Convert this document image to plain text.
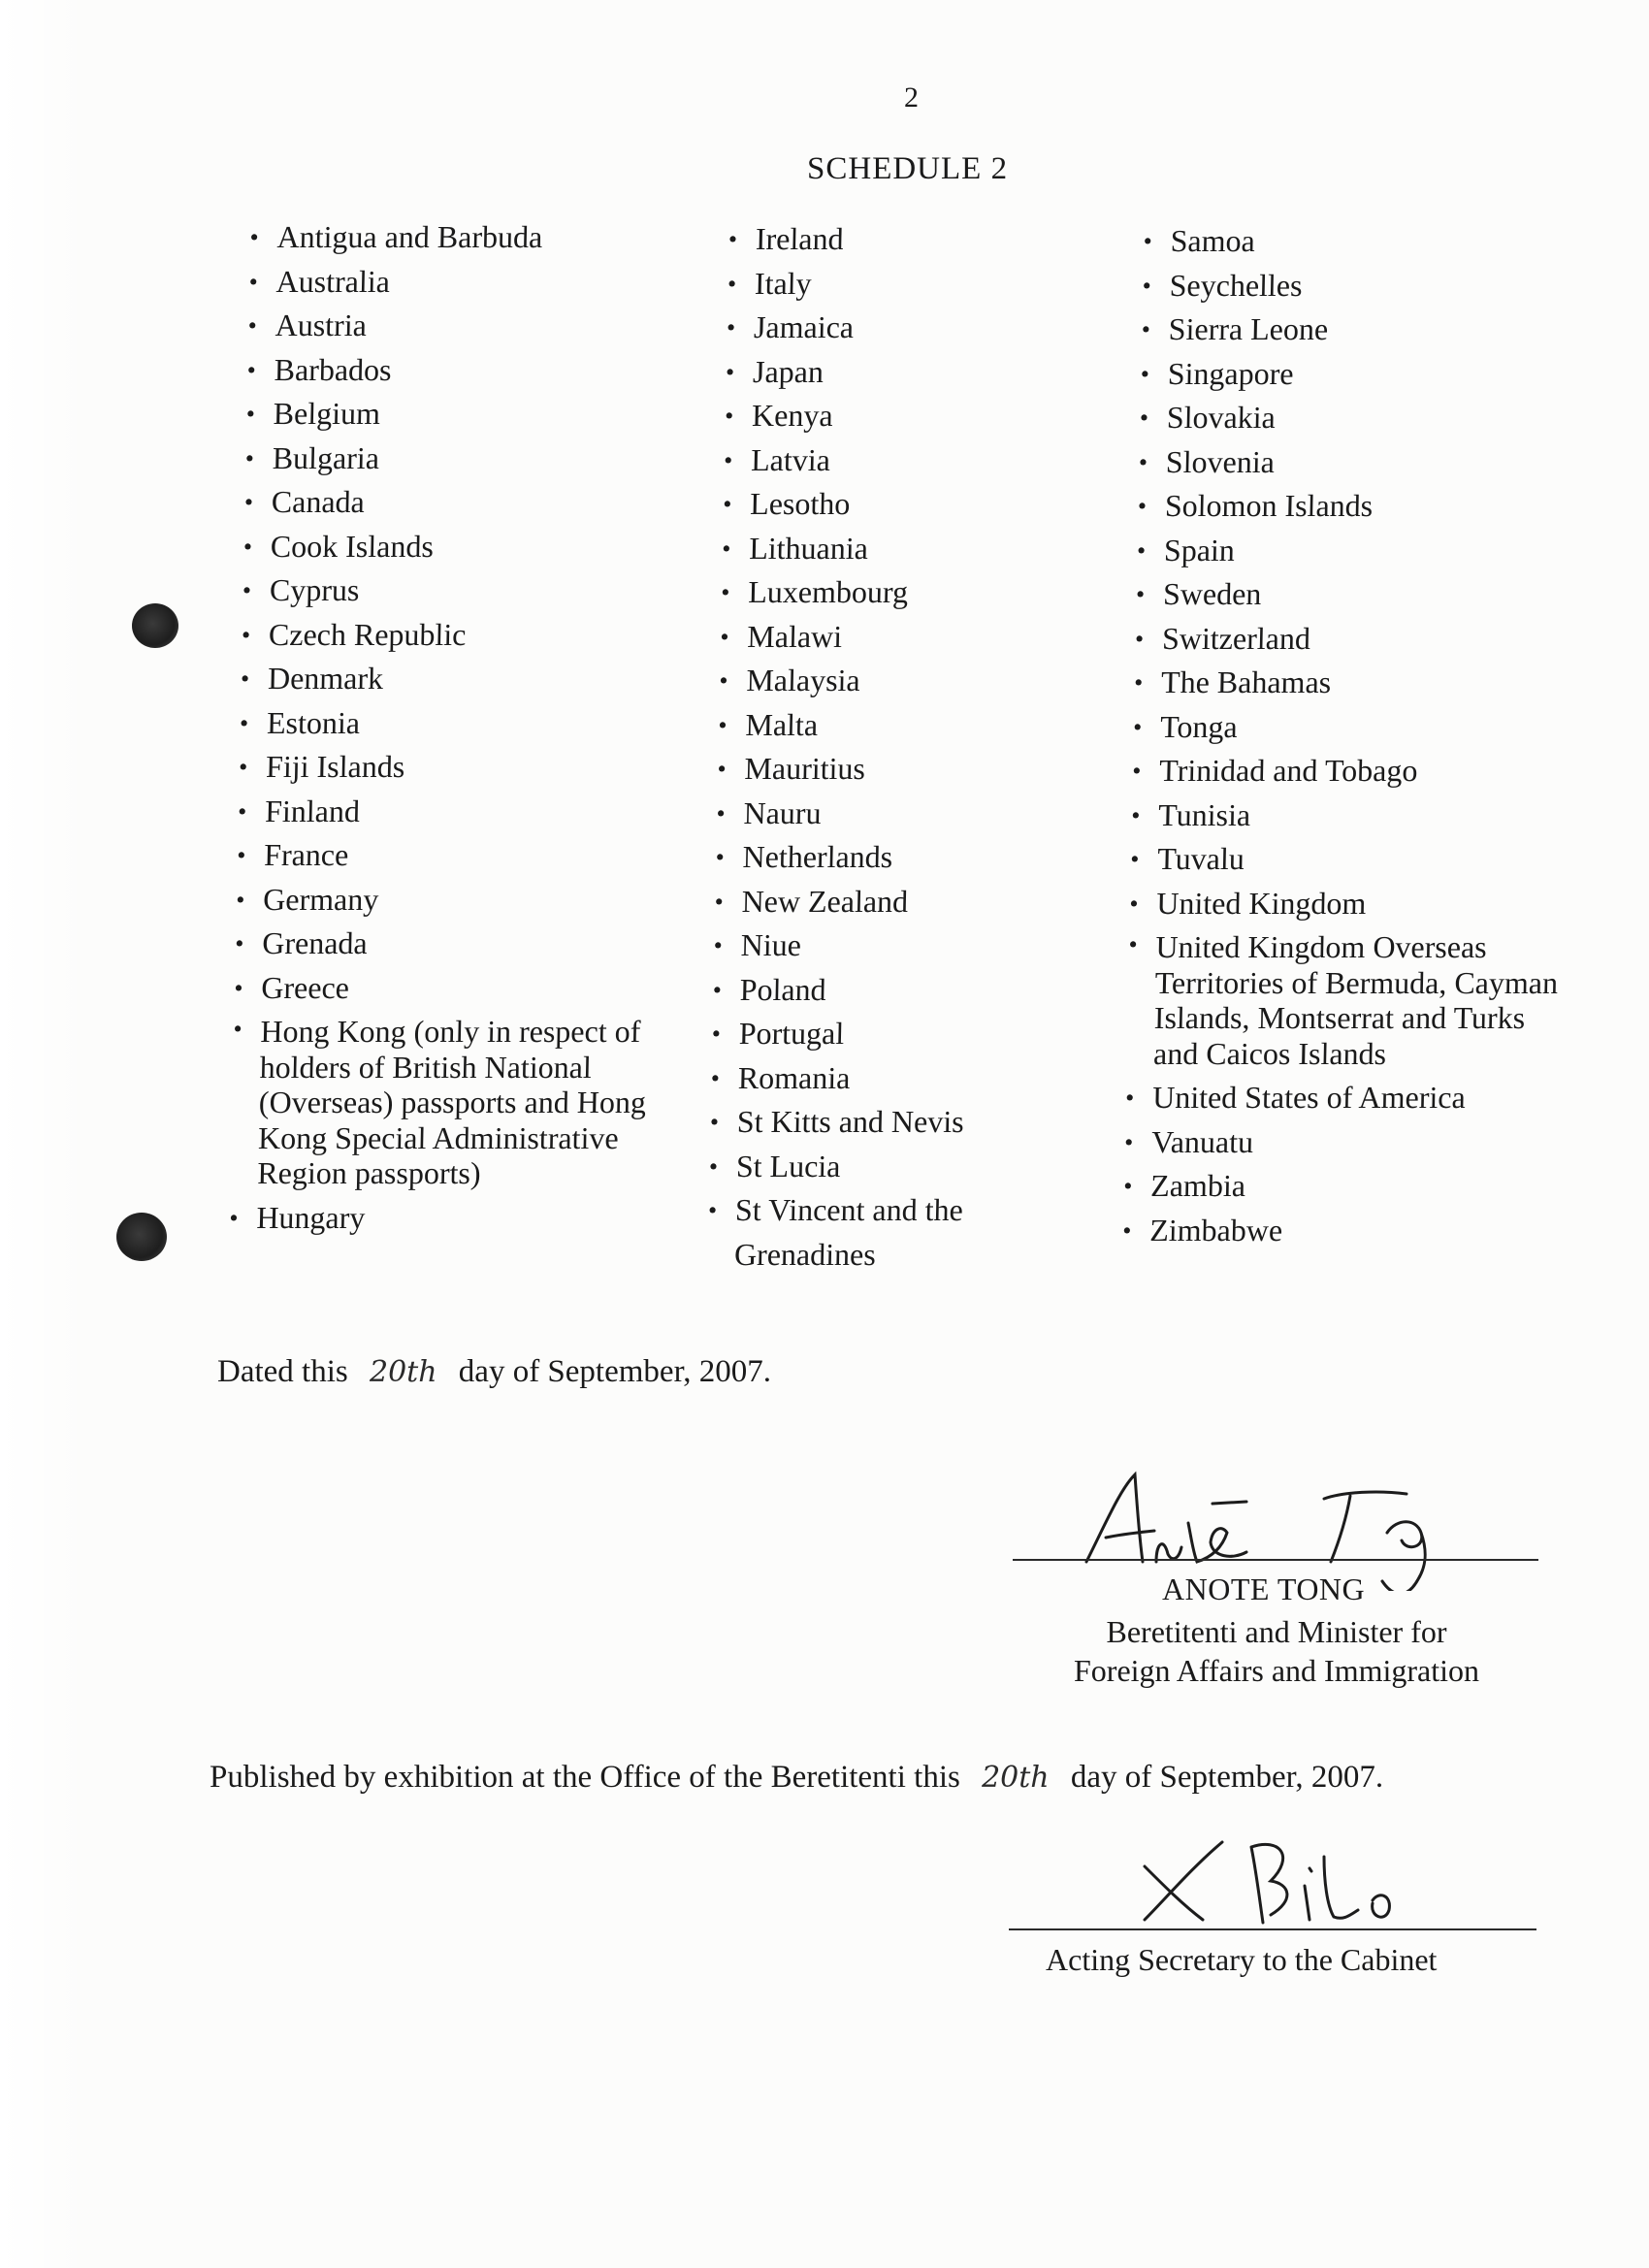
2
SCHEDULE 2
• Antigua and Barbuda
• Australia
• Austria
• Barbados
• Belgium
• Bulgaria
• Canada
• Cook Islands
• Cyprus
• Czech Republic
• Denmark
• Estonia
• Fiji Islands
• Finland
• France
• Germany
• Grenada
• Greece
• Hong Kong (only in respect of holders of British National (Overseas) passports and Hong Kong Special Administrative Region passports)
• Hungary
• Ireland
• Italy
• Jamaica
• Japan
• Kenya
• Latvia
• Lesotho
• Lithuania
• Luxembourg
• Malawi
• Malaysia
• Malta
• Mauritius
• Nauru
• Netherlands
• New Zealand
• Niue
• Poland
• Portugal
• Romania
• St Kitts and Nevis
• St Lucia
• St Vincent and the Grenadines
• Samoa
• Seychelles
• Sierra Leone
• Singapore
• Slovakia
• Slovenia
• Solomon Islands
• Spain
• Sweden
• Switzerland
• The Bahamas
• Tonga
• Trinidad and Tobago
• Tunisia
• Tuvalu
• United Kingdom
• United Kingdom Overseas Territories of Bermuda, Cayman Islands, Montserrat and Turks and Caicos Islands
• United States of America
• Vanuatu
• Zambia
• Zimbabwe
Dated this 20th day of September, 2007.
ANOTE TONG
Beretitenti and Minister for
Foreign Affairs and Immigration
Published by exhibition at the Office of the Beretitenti this 20th day of September, 2007.
Acting Secretary to the Cabinet
